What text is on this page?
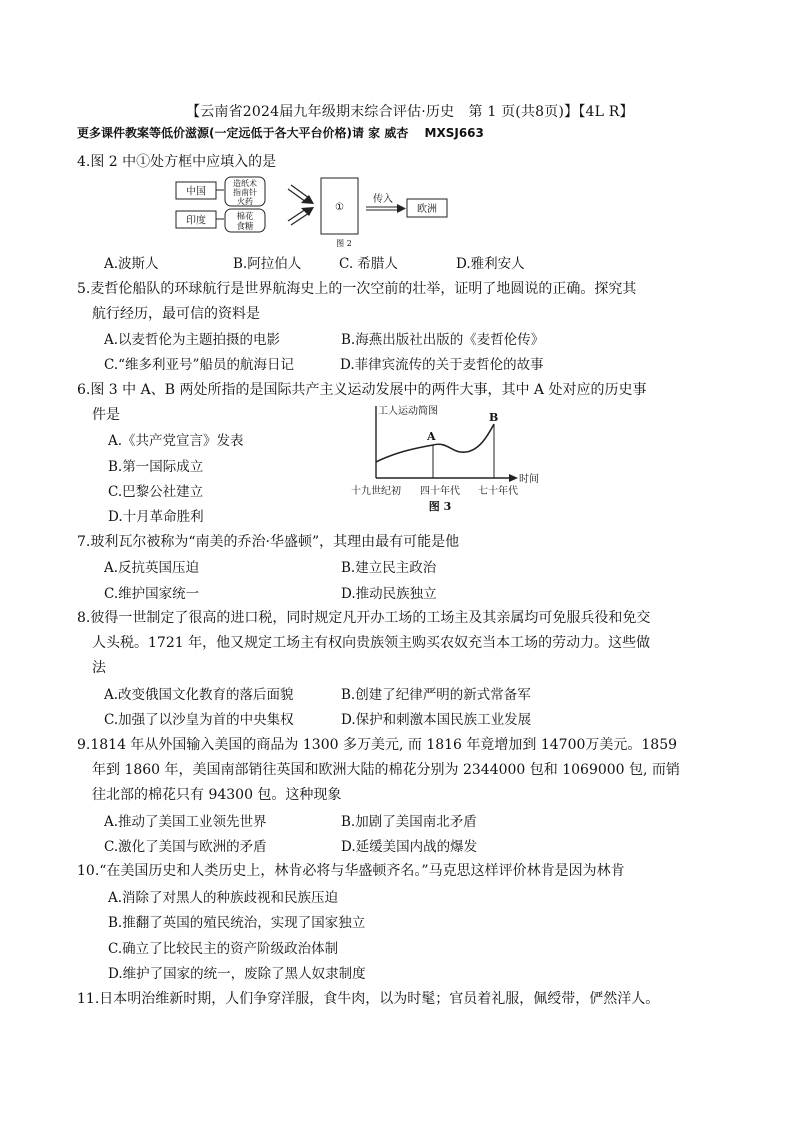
【云南省2024届九年级期末综合评估·历史　第 1 页(共8页)】【4L R】
更多课件教案等低价滋源(一定远低于各大平台价格)请 家 威杏 MXSJ663
4.图 2 中①处方框中应填入的是
中国
印度
造纸术
指南针
火药
棉花
食糖
①
传入
欧洲
图 2
A.波斯人	B.阿拉伯人	C. 希腊人	D.雅利安人
5.麦哲伦船队的环球航行是世界航海史上的一次空前的壮举，证明了地圆说的正确。探究其
航行经历，最可信的资料是
A.以麦哲伦为主题拍摄的电影	B.海燕出版社出版的《麦哲伦传》
C.“维多利亚号”船员的航海日记	D.菲律宾流传的关于麦哲伦的故事
6.图 3 中 A、B 两处所指的是国际共产主义运动发展中的两件大事，其中 A 处对应的历史事
件是
A.《共产党宣言》发表
B.第一国际成立
C.巴黎公社建立
D.十月革命胜利
工人运动简图
时间
A
B
十九世纪初 四十年代 七十年代
图 3
7.玻利瓦尔被称为“南美的乔治·华盛顿”，其理由最有可能是他
A.反抗英国压迫	B.建立民主政治
C.维护国家统一	D.推动民族独立
8.彼得一世制定了很高的进口税，同时规定凡开办工场的工场主及其亲属均可免服兵役和免交
人头税。1721 年，他又规定工场主有权向贵族领主购买农奴充当本工场的劳动力。这些做
法
A.改变俄国文化教育的落后面貌	B.创建了纪律严明的新式常备军
C.加强了以沙皇为首的中央集权	D.保护和刺激本国民族工业发展
9.1814 年从外国输入美国的商品为 1300 多万美元, 而 1816 年竟增加到 14700万美元。1859
年到 1860 年，美国南部销往英国和欧洲大陆的棉花分别为 2344000 包和 1069000 包, 而销
往北部的棉花只有 94300 包。这种现象
A.推动了美国工业领先世界	B.加剧了美国南北矛盾
C.激化了美国与欧洲的矛盾	D.延缓美国内战的爆发
10.“在美国历史和人类历史上，林肯必将与华盛顿齐名。”马克思这样评价林肯是因为林肯
A.消除了对黑人的种族歧视和民族压迫
B.推翻了英国的殖民统治，实现了国家独立
C.确立了比较民主的资产阶级政治体制
D.维护了国家的统一，废除了黑人奴隶制度
11.日本明治维新时期，人们争穿洋服，食牛肉，以为时髦；官员着礼服，佩绶带，俨然洋人。
